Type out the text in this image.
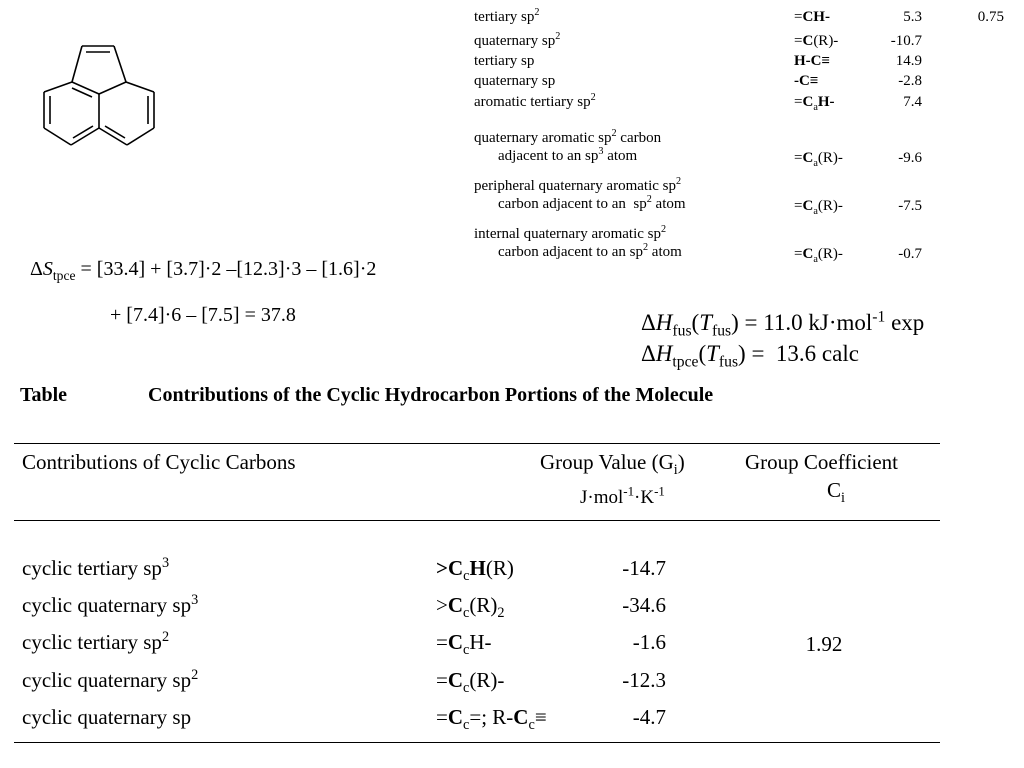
tertiary $sp^2$	=CH-	5.3	0.75
quaternary $sp^2$	=C(R)-	-10.7
tertiary sp	H-C≡	14.9
quaternary sp	-C≡	-2.8
aromatic tertiary $sp^2$	$=C_aH-$	7.4
quaternary aromatic $sp^2$ carbon
adjacent to an $sp^3$ atom	$=C_a(R)-$	-9.6
peripheral quaternary aromatic $sp^2$
carbon adjacent to an  $sp^2$ atom	$=C_a(R)-$	-7.5
internal quaternary aromatic $sp^2$
carbon adjacent to an $sp^2$ atom	$=C_a(R)-$	-0.7
$\Delta S_{tpce} = [33.4] + [3.7]\cdot 2$ –[12.3]·3 – [1.6]·2
+ [7.4]·6 – [7.5] = 37.8	$\Delta H_{fus}(T_{fus}) = 11.0$ kJ·mol$^{-1}$ exp
$\Delta H_{tpce}(T_{fus}) = 13.6$ calc
Table	Contributions of the Cyclic Hydrocarbon Portions of the Molecule
Contributions of Cyclic Carbons	Group Value $(G_i)$
$J\cdot mol^{-1}\cdot K^{-1}$
Group Coefficient
$C_i$
cyclic tertiary $sp^3$	$>C_cH(R)$	-14.7
cyclic quaternary $sp^3$	$>C_c(R)_2$	-34.6
cyclic tertiary $sp^2$	$=C_cH-$	-1.6
cyclic quaternary $sp^2$	$=C_c(R)-$	-12.3
cyclic quaternary sp	$=C_c=$; $R-C_c\equiv$	-4.7
1.92
